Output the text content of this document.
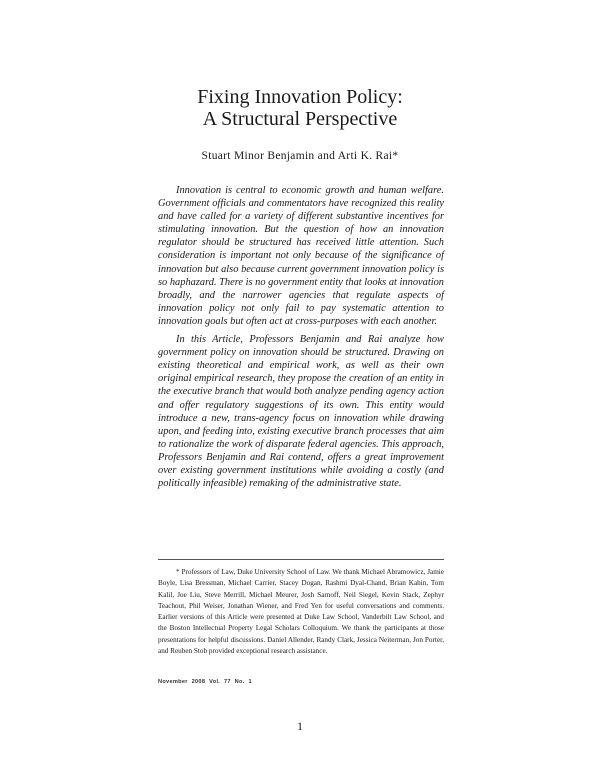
Fixing Innovation Policy:
A Structural Perspective
Stuart Minor Benjamin and Arti K. Rai*

Innovation is central to economic growth and human welfare. Government officials and commentators have recognized this reality and have called for a variety of different substantive incentives for stimulating innovation. But the question of how an innovation regulator should be structured has received little attention. Such consideration is important not only because of the significance of innovation but also because current government innovation policy is so haphazard. There is no government entity that looks at innovation broadly, and the narrower agencies that regulate aspects of innovation policy not only fail to pay systematic attention to innovation goals but often act at cross-purposes with each another.

In this Article, Professors Benjamin and Rai analyze how government policy on innovation should be structured. Drawing on existing theoretical and empirical work, as well as their own original empirical research, they propose the creation of an entity in the executive branch that would both analyze pending agency action and offer regulatory suggestions of its own. This entity would introduce a new, trans-agency focus on innovation while drawing upon, and feeding into, existing executive branch processes that aim to rationalize the work of disparate federal agencies. This approach, Professors Benjamin and Rai contend, offers a great improvement over existing government institutions while avoiding a costly (and politically infeasible) remaking of the administrative state.

* Professors of Law, Duke University School of Law. We thank Michael Abramowicz, Jamie Boyle, Lisa Bressman, Michael Carrier, Stacey Dogan, Rashmi Dyal-Chand, Brian Kahin, Tom Kalil, Joe Liu, Steve Merrill, Michael Meurer, Josh Sarnoff, Neil Siegel, Kevin Stack, Zephyr Teachout, Phil Weiser, Jonathan Wiener, and Fred Yen for useful conversations and comments. Earlier versions of this Article were presented at Duke Law School, Vanderbilt Law School, and the Boston Intellectual Property Legal Scholars Colloquium. We thank the participants at those presentations for helpful discussions. Daniel Allender, Randy Clark, Jessica Neiterman, Jon Porter, and Reuben Stob provided exceptional research assistance.

November 2008 Vol. 77 No. 1
1
